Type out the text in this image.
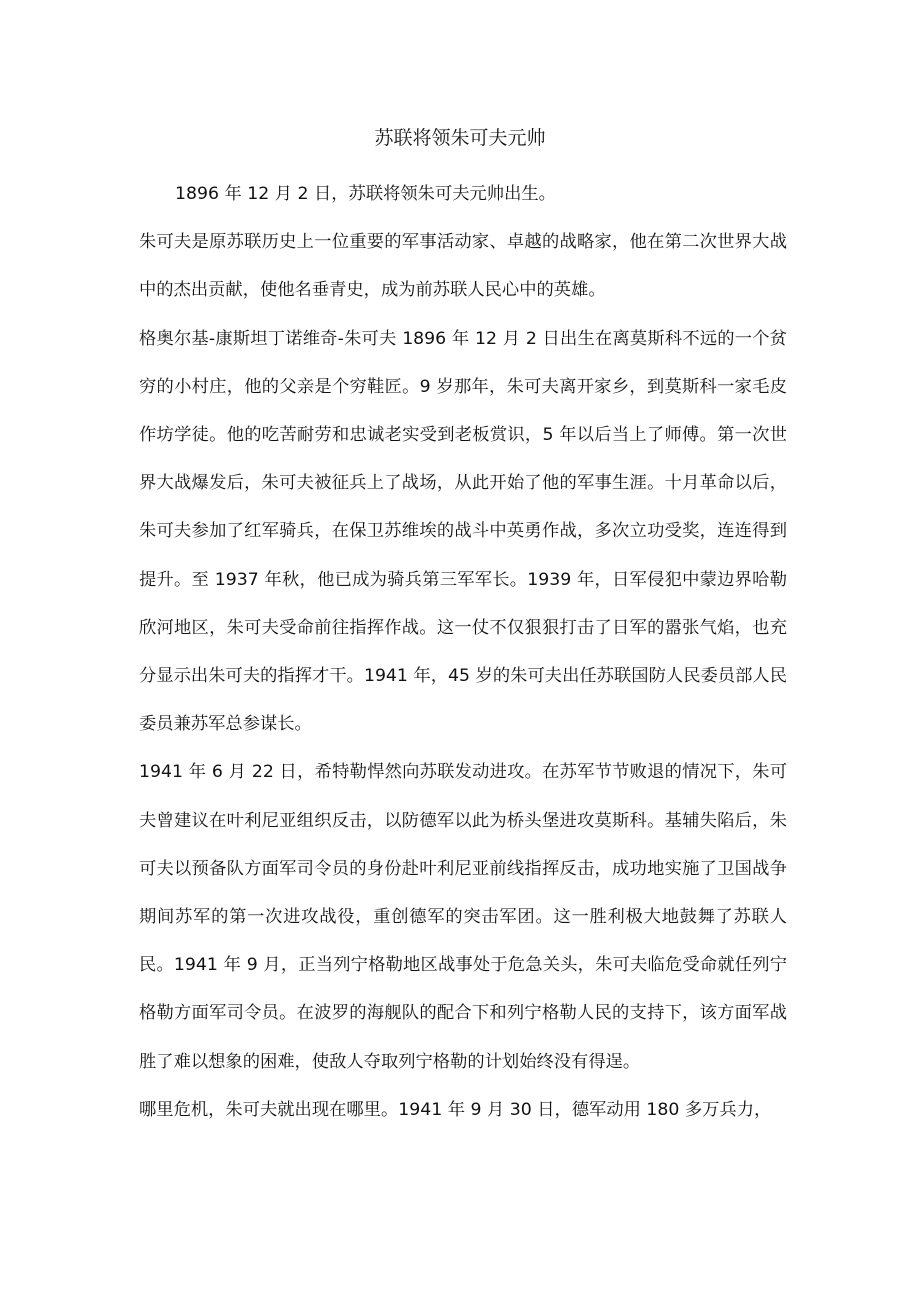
苏联将领朱可夫元帅

1896 年 12 月 2 日，苏联将领朱可夫元帅出生。

朱可夫是原苏联历史上一位重要的军事活动家、卓越的战略家，他在第二次世界大战中的杰出贡献，使他名垂青史，成为前苏联人民心中的英雄。

格奥尔基-康斯坦丁诺维奇-朱可夫 1896 年 12 月 2 日出生在离莫斯科不远的一个贫穷的小村庄，他的父亲是个穷鞋匠。9 岁那年，朱可夫离开家乡，到莫斯科一家毛皮作坊学徒。他的吃苦耐劳和忠诚老实受到老板赏识，5 年以后当上了师傅。第一次世界大战爆发后，朱可夫被征兵上了战场，从此开始了他的军事生涯。十月革命以后，朱可夫参加了红军骑兵，在保卫苏维埃的战斗中英勇作战，多次立功受奖，连连得到提升。至 1937 年秋，他已成为骑兵第三军军长。1939 年，日军侵犯中蒙边界哈勒欣河地区，朱可夫受命前往指挥作战。这一仗不仅狠狠打击了日军的嚣张气焰，也充分显示出朱可夫的指挥才干。1941 年，45 岁的朱可夫出任苏联国防人民委员部人民委员兼苏军总参谋长。

1941 年 6 月 22 日，希特勒悍然向苏联发动进攻。在苏军节节败退的情况下，朱可夫曾建议在叶利尼亚组织反击，以防德军以此为桥头堡进攻莫斯科。基辅失陷后，朱可夫以预备队方面军司令员的身份赴叶利尼亚前线指挥反击，成功地实施了卫国战争期间苏军的第一次进攻战役，重创德军的突击军团。这一胜利极大地鼓舞了苏联人民。1941 年 9 月，正当列宁格勒地区战事处于危急关头，朱可夫临危受命就任列宁格勒方面军司令员。在波罗的海舰队的配合下和列宁格勒人民的支持下，该方面军战胜了难以想象的困难，使敌人夺取列宁格勒的计划始终没有得逞。

哪里危机，朱可夫就出现在哪里。1941 年 9 月 30 日，德军动用 180 多万兵力，
